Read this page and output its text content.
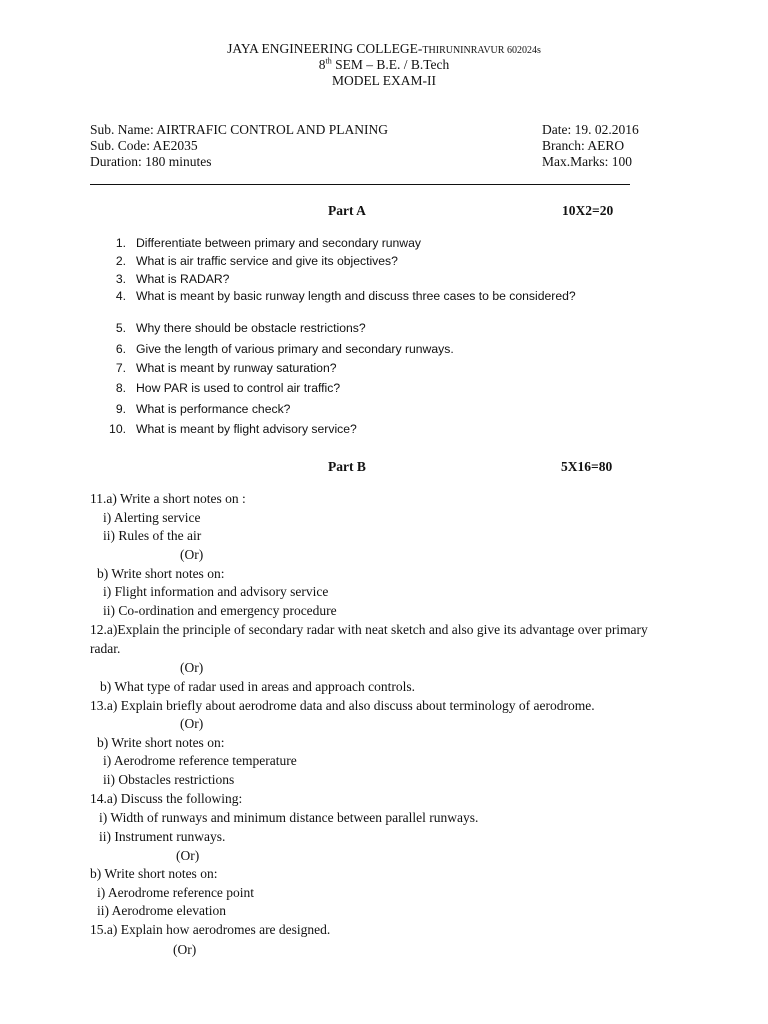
JAYA ENGINEERING COLLEGE-THIRUNINRAVUR 602024s
8th SEM – B.E. / B.Tech
MODEL EXAM-II
Sub. Name: AIRTRAFIC CONTROL AND PLANING
Sub. Code: AE2035
Duration: 180 minutes
Date: 19. 02.2016
Branch: AERO
Max.Marks: 100
Part A	10X2=20
1. Differentiate between primary and secondary runway
2. What is air traffic service and give its objectives?
3. What is RADAR?
4. What is meant by basic runway length and discuss three cases to be considered?
5. Why there should be obstacle restrictions?
6. Give the length of various primary and secondary runways.
7. What is meant by runway saturation?
8. How PAR is used to control air traffic?
9. What is performance check?
10. What is meant by flight advisory service?
Part B	5X16=80
11.a) Write a short notes on :
i) Alerting service
ii) Rules of the air
(Or)
b) Write short notes on:
i) Flight information and advisory service
ii) Co-ordination and emergency procedure
12.a)Explain the principle of secondary radar with neat sketch and also give its advantage over primary
radar.
(Or)
b) What type of radar used in areas and approach controls.
13.a) Explain briefly about aerodrome data and also discuss about terminology of aerodrome.
(Or)
b) Write short notes on:
i) Aerodrome reference temperature
ii) Obstacles restrictions
14.a) Discuss the following:
i) Width of runways and minimum distance between parallel runways.
ii) Instrument runways.
(Or)
b) Write short notes on:
i) Aerodrome reference point
ii) Aerodrome elevation
15.a) Explain how aerodromes are designed.
(Or)
